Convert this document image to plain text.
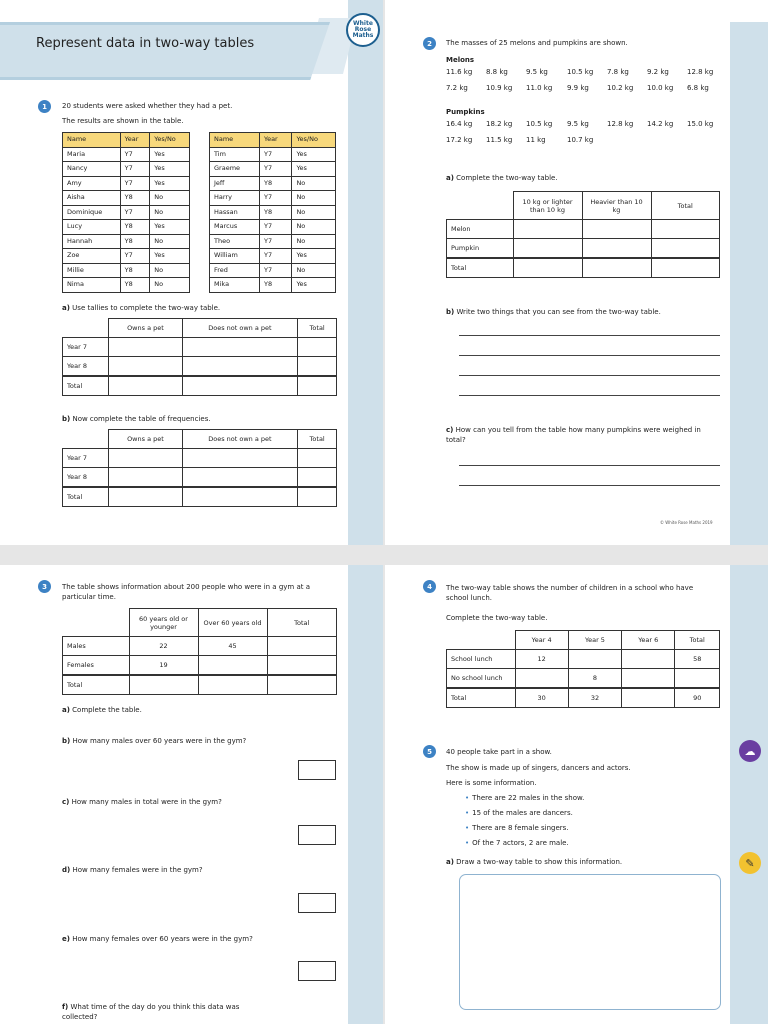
Represent data in two-way tables
White
Rose
Maths
1	20 students were asked whether they had a pet.
The results are shown in the table.
Name	Year	Yes/No
Maria	Y7	Yes
Nancy	Y7	Yes
Amy	Y7	Yes
Aisha	Y8	No
Dominique	Y7	No
Lucy	Y8	Yes
Hannah	Y8	No
Zoe	Y7	Yes
Millie	Y8	No
Nima	Y8	No
Name	Year	Yes/No
Tim	Y7	Yes
Graeme	Y7	Yes
Jeff	Y8	No
Harry	Y7	No
Hassan	Y8	No
Marcus	Y7	No
Theo	Y7	No
William	Y7	Yes
Fred	Y7	No
Mika	Y8	Yes
a) Use tallies to complete the two-way table.
	Owns a pet	Does not own a pet	Total
Year 7			
Year 8			
Total			
b) Now complete the table of frequencies.
	Owns a pet	Does not own a pet	Total
Year 7			
Year 8			
Total			
2	The masses of 25 melons and pumpkins are shown.
Melons
11.6 kg 8.8 kg	9.5 kg	10.5 kg 7.8 kg	9.2 kg	12.8 kg
7.2 kg	10.9 kg 11.0 kg 9.9 kg	10.2 kg 10.0 kg 6.8 kg
Pumpkins
16.4 kg 18.2 kg 10.5 kg 9.5 kg	12.8 kg 14.2 kg 15.0 kg
17.2 kg 11.5 kg 11 kg	10.7 kg
a) Complete the two-way table.
	10 kg or lighter than 10 kg	Heavier than 10 kg	Total
Melon			
Pumpkin			
Total			
b) Write two things that you can see from the two-way table.
c) How can you tell from the table how many pumpkins were weighed in total?
© White Rose Maths 2019
3	The table shows information about 200 people who were in a gym at a particular time.
	60 years old or younger	Over 60 years old	Total
Males	22	45	
Females	19		
Total			
a) Complete the table.
b) How many males over 60 years were in the gym?
c) How many males in total were in the gym?
d) How many females were in the gym?
e) How many females over 60 years were in the gym?
f) What time of the day do you think this data was collected?
4	The two-way table shows the number of children in a school who have school lunch.
Complete the two-way table.
	Year 4	Year 5	Year 6	Total
School lunch	12			58
No school lunch		8		
Total	30	32		90
5	40 people take part in a show.
The show is made up of singers, dancers and actors.
Here is some information.
• There are 22 males in the show.
• 15 of the males are dancers.
• There are 8 female singers.
• Of the 7 actors, 2 are male.
a) Draw a two-way table to show this information.
☁
✎
